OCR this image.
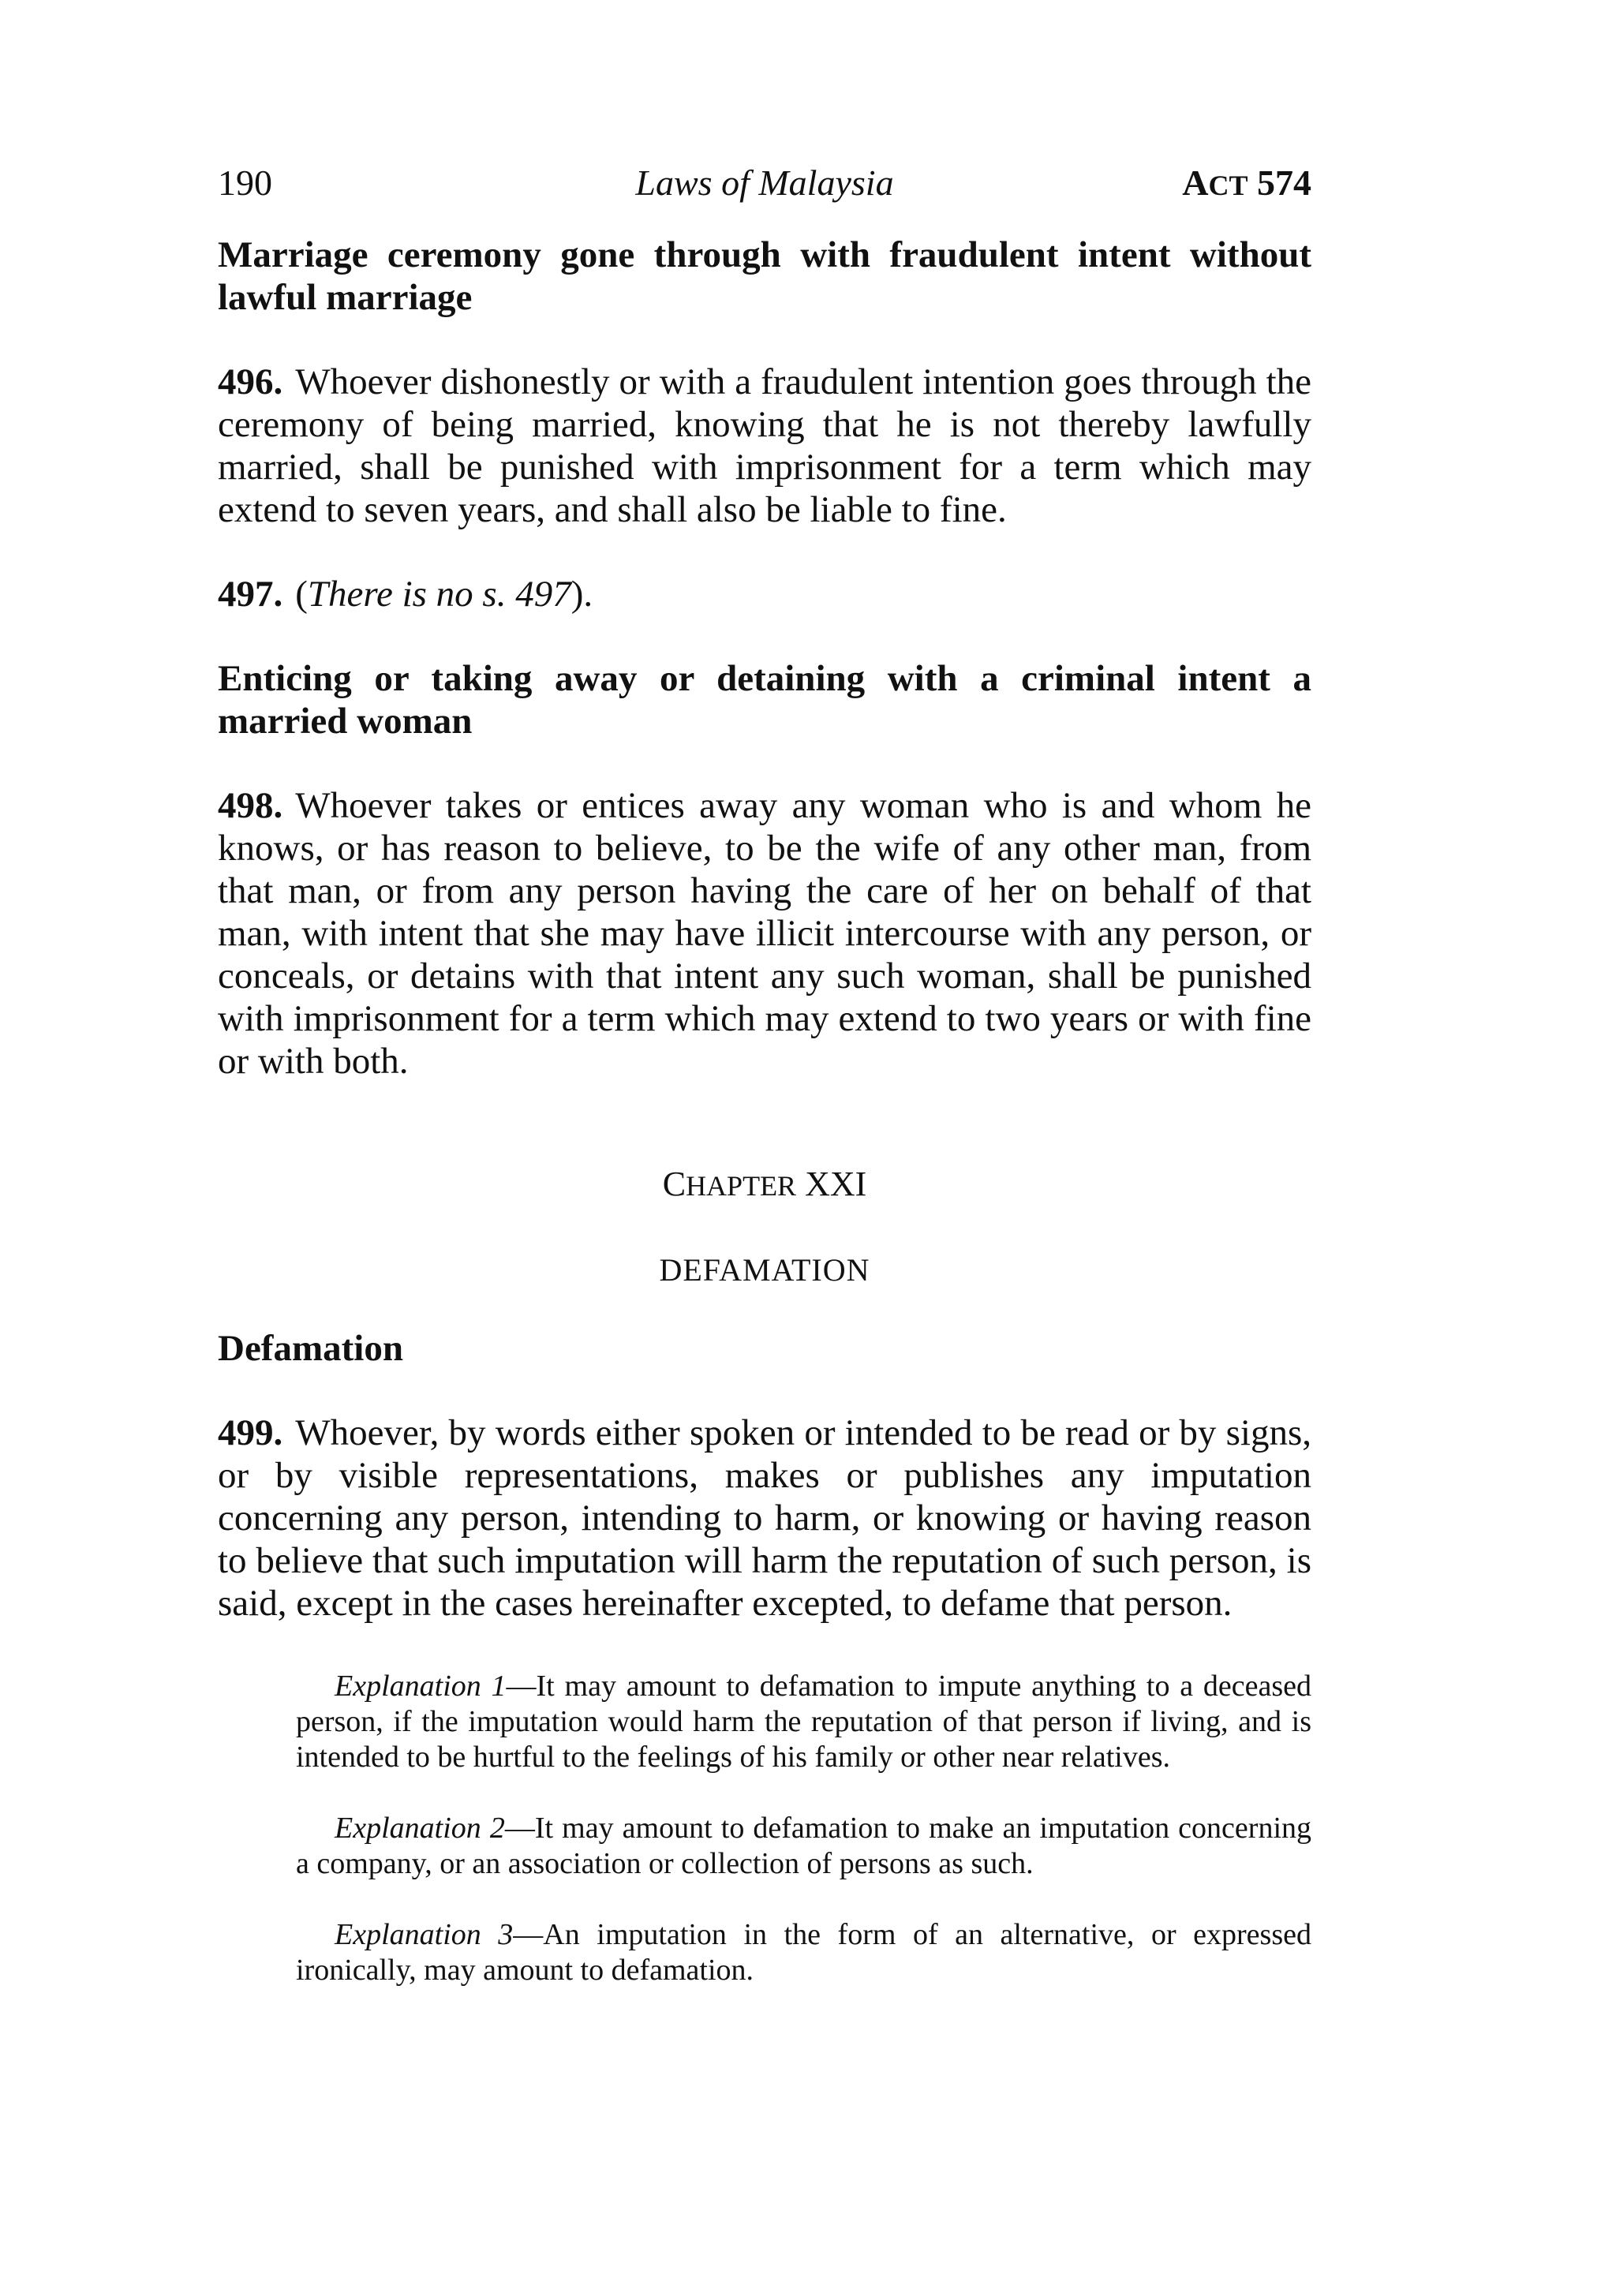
190	Laws of Malaysia	ACT 574

Marriage ceremony gone through with fraudulent intent without lawful marriage

496. Whoever dishonestly or with a fraudulent intention goes through the ceremony of being married, knowing that he is not thereby lawfully married, shall be punished with imprisonment for a term which may extend to seven years, and shall also be liable to fine.

497. (There is no s. 497).

Enticing or taking away or detaining with a criminal intent a married woman

498. Whoever takes or entices away any woman who is and whom he knows, or has reason to believe, to be the wife of any other man, from that man, or from any person having the care of her on behalf of that man, with intent that she may have illicit intercourse with any person, or conceals, or detains with that intent any such woman, shall be punished with imprisonment for a term which may extend to two years or with fine or with both.

CHAPTER XXI

DEFAMATION

Defamation

499. Whoever, by words either spoken or intended to be read or by signs, or by visible representations, makes or publishes any imputation concerning any person, intending to harm, or knowing or having reason to believe that such imputation will harm the reputation of such person, is said, except in the cases hereinafter excepted, to defame that person.

Explanation 1—It may amount to defamation to impute anything to a deceased person, if the imputation would harm the reputation of that person if living, and is intended to be hurtful to the feelings of his family or other near relatives.

Explanation 2—It may amount to defamation to make an imputation concerning a company, or an association or collection of persons as such.

Explanation 3—An imputation in the form of an alternative, or expressed ironically, may amount to defamation.
